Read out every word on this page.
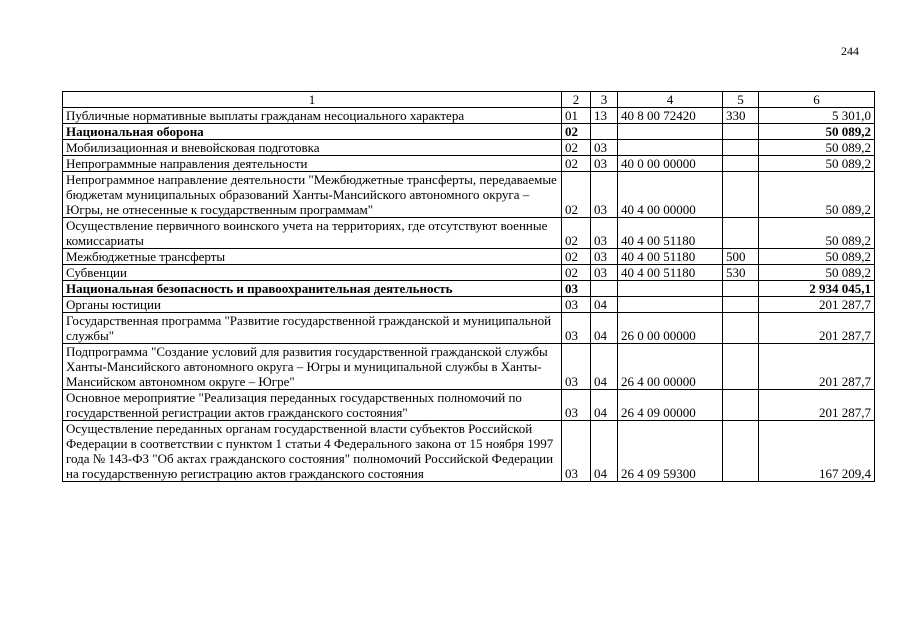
244
1	2	3	4	5	6
Публичные нормативные выплаты гражданам несоциального характера	01	13	40 8 00 72420	330	5 301,0
Национальная оборона	02				50 089,2
Мобилизационная и вневойсковая подготовка	02	03			50 089,2
Непрограммные направления деятельности	02	03	40 0 00 00000		50 089,2
Непрограммное направление деятельности "Межбюджетные трансферты, передаваемые бюджетам муниципальных образований Ханты-Мансийского автономного округа – Югры, не отнесенные к государственным программам"	02	03	40 4 00 00000		50 089,2
Осуществление первичного воинского учета на территориях, где отсутствуют военные комиссариаты	02	03	40 4 00 51180		50 089,2
Межбюджетные трансферты	02	03	40 4 00 51180	500	50 089,2
Субвенции	02	03	40 4 00 51180	530	50 089,2
Национальная безопасность и правоохранительная деятельность	03				2 934 045,1
Органы юстиции	03	04			201 287,7
Государственная программа "Развитие государственной гражданской и муниципальной службы"	03	04	26 0 00 00000		201 287,7
Подпрограмма "Создание условий для развития государственной гражданской службы Ханты-Мансийского автономного округа – Югры и муниципальной службы в Ханты-Мансийском автономном округе – Югре"	03	04	26 4 00 00000		201 287,7
Основное мероприятие "Реализация переданных государственных полномочий по государственной регистрации актов гражданского состояния"	03	04	26 4 09 00000		201 287,7
Осуществление переданных органам государственной власти субъектов Российской Федерации в соответствии с пунктом 1 статьи 4 Федерального закона от 15 ноября 1997 года № 143-ФЗ "Об актах гражданского состояния" полномочий Российской Федерации на государственную регистрацию актов гражданского состояния	03	04	26 4 09 59300		167 209,4
